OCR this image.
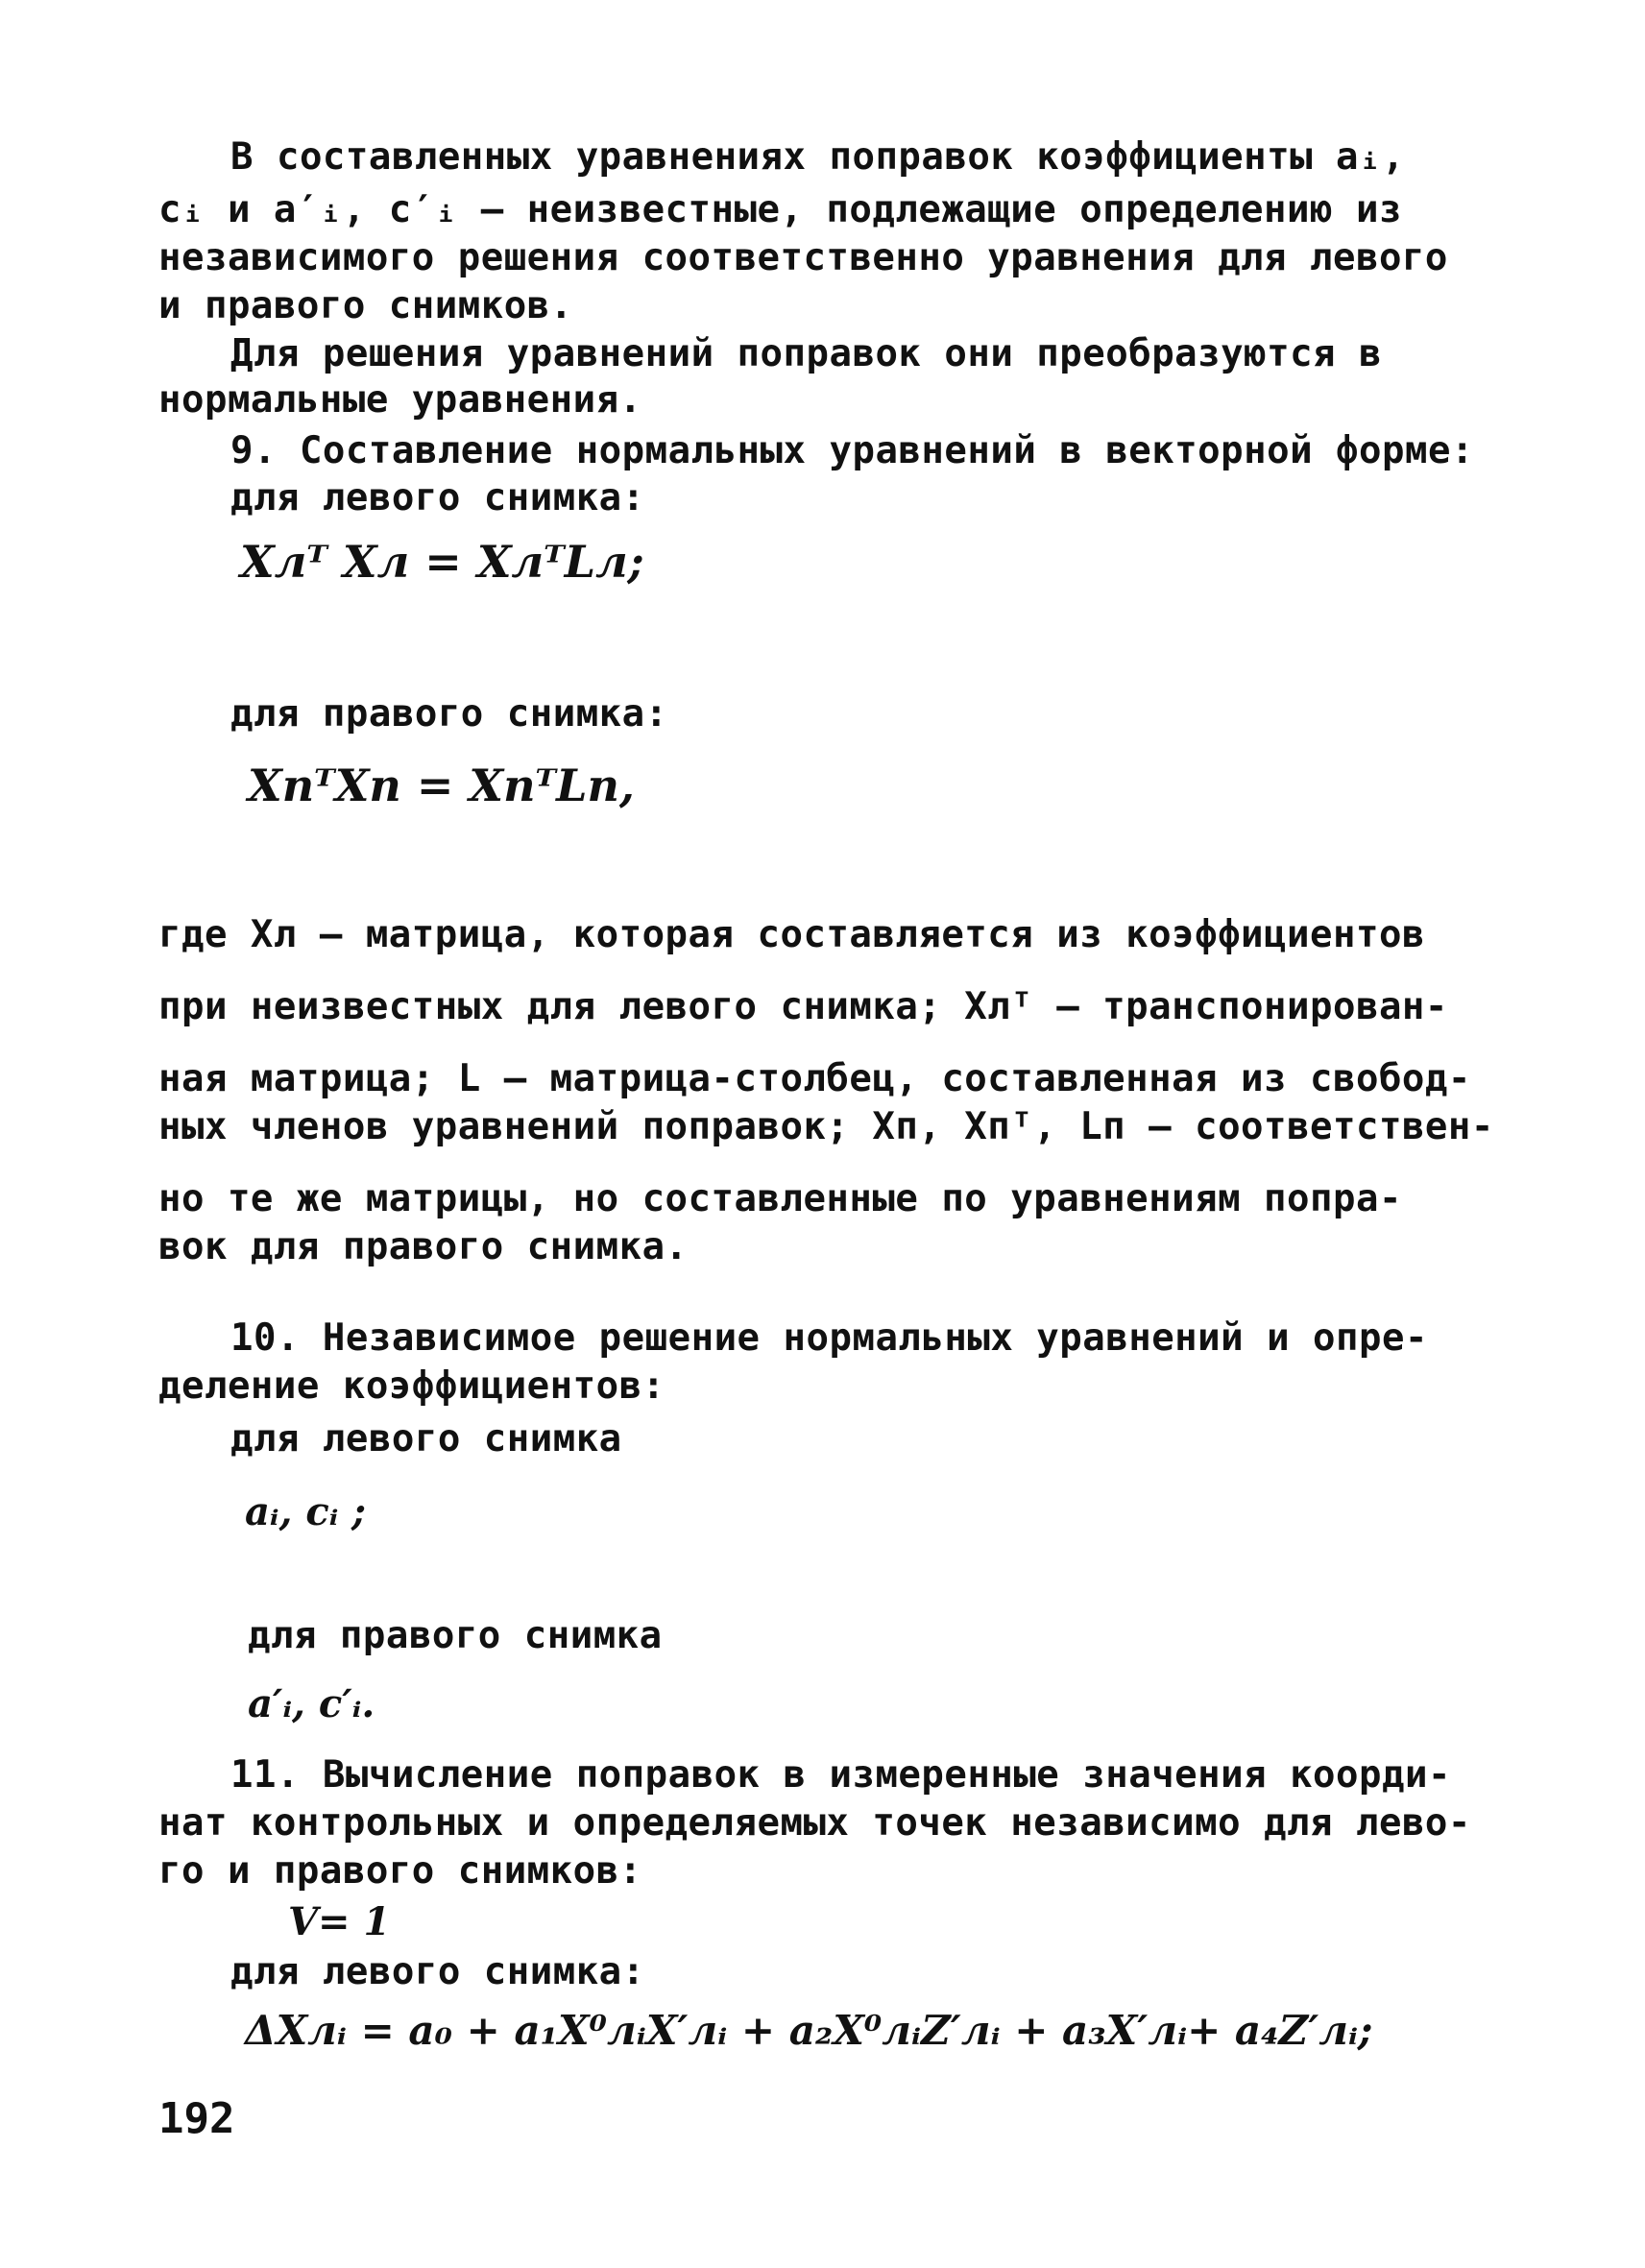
В составленных уравнениях поправок коэффициенты aᵢ,
cᵢ и a′ᵢ, c′ᵢ – неизвестные, подлежащие определению из
независимого решения соответственно уравнения для левого
и правого снимков.
Для решения уравнений поправок они преобразуются в
нормальные уравнения.
9. Составление нормальных уравнений в векторной форме:
для левого снимка:
Xлᵀ Xл = XлᵀLл;
для правого снимка:
XпᵀXп = XпᵀLп,
где Xл – матрица, которая составляется из коэффициентов
при неизвестных для левого снимка; Xлᵀ – транспонирован-
ная матрица; L – матрица-столбец, составленная из свобод-
ных членов уравнений поправок; Xп, Xпᵀ, Lп – соответствен-
но те же матрицы, но составленные по уравнениям попра-
вок для правого снимка.
10. Независимое решение нормальных уравнений и опре-
деление коэффициентов:
для левого снимка
aᵢ, cᵢ ;
для правого снимка
a′ᵢ, c′ᵢ.
11. Вычисление поправок в измеренные значения коорди-
нат контрольных и определяемых точек независимо для лево-
го и правого снимков:
V= 1
для левого снимка:
ΔXлᵢ = a₀ + a₁X⁰лᵢX′лᵢ + a₂X⁰лᵢZ′лᵢ + a₃X′лᵢ+ a₄Z′лᵢ;
192
